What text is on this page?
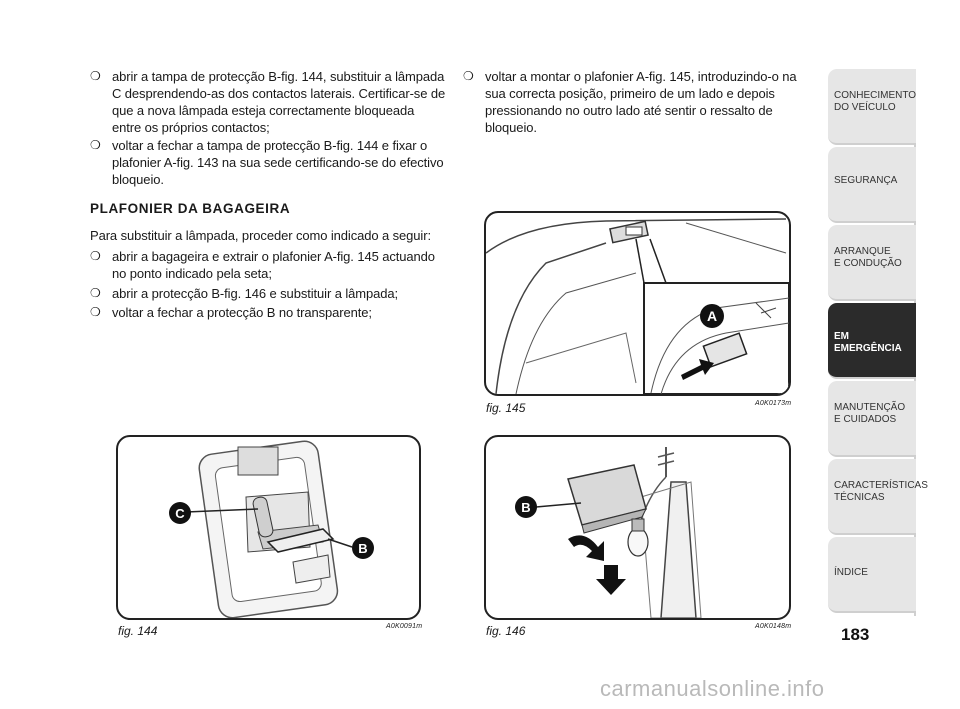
❍ abrir a tampa de protecção B-fig. 144, substituir a lâmpada C desprendendo-as dos contactos laterais. Certificar-se de que a nova lâmpada esteja correctamente bloqueada entre os próprios contactos;
❍ voltar a fechar a tampa de protecção B-fig. 144 e fixar o plafonier A-fig. 143 na sua sede certificando-se do efectivo bloqueio.
PLAFONIER DA BAGAGEIRA
Para substituir a lâmpada, proceder como indicado a seguir:
❍ abrir a bagageira e extrair o plafonier A-fig. 145 actuando no ponto indicado pela seta;
❍ abrir a protecção B-fig. 146 e substituir a lâmpada;
❍ voltar a fechar a protecção B no transparente;
❍ voltar a montar o plafonier A-fig. 145, introduzindo-o na sua correcta posição, primeiro de um lado e depois pressionando no outro lado até sentir o ressalto de bloqueio.
A
fig. 145	A0K0173m
C
B
fig. 144	A0K0091m
B
fig. 146	A0K0148m
CONHECIMENTO
DO VEÍCULO
SEGURANÇA
ARRANQUE
E CONDUÇÃO
EM EMERGÊNCIA
MANUTENÇÃO
E CUIDADOS
CARACTERÍSTICAS
TÉCNICAS
ÍNDICE
183
carmanualsonline.info
